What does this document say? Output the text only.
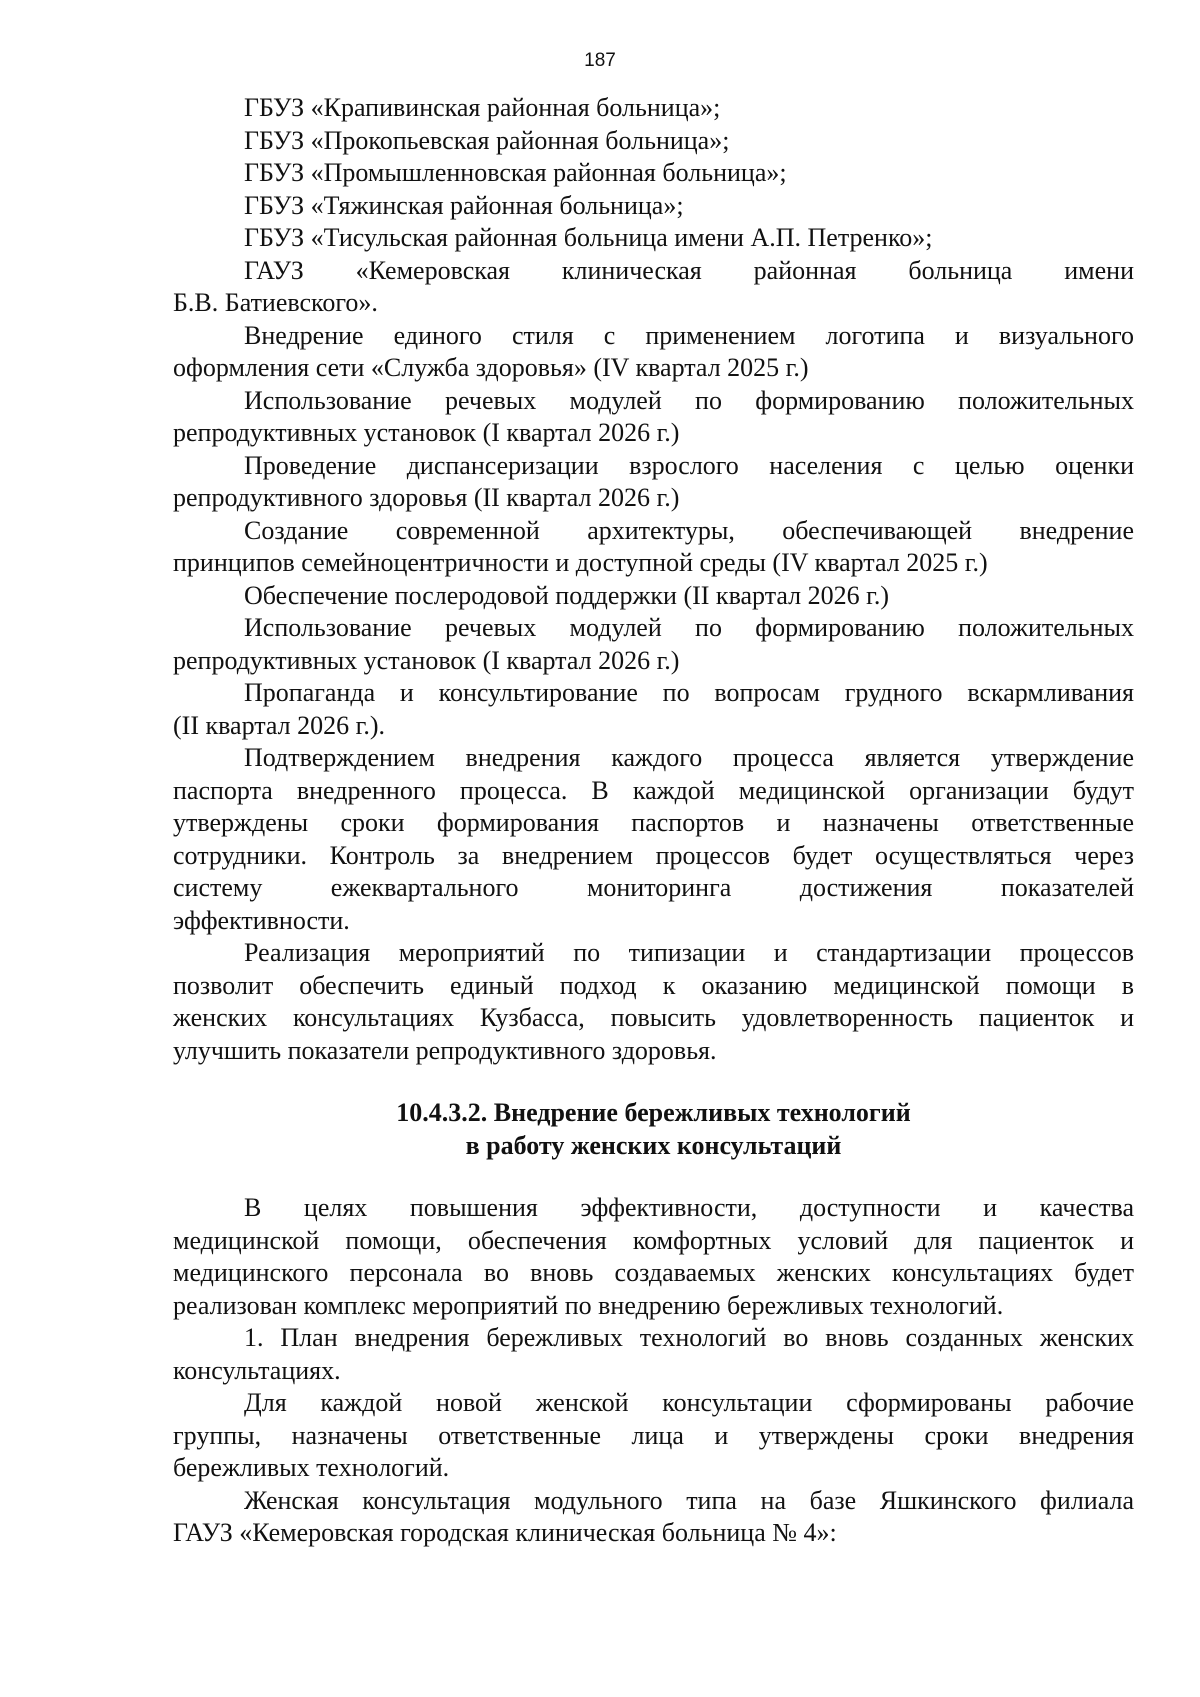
187
ГБУЗ «Крапивинская районная больница»;
ГБУЗ «Прокопьевская районная больница»;
ГБУЗ «Промышленновская районная больница»;
ГБУЗ «Тяжинская районная больница»;
ГБУЗ «Тисульская районная больница имени А.П. Петренко»;
ГАУЗ «Кемеровская клиническая районная больница имени
Б.В. Батиевского».
Внедрение единого стиля с применением логотипа и визуального
оформления сети «Служба здоровья» (IV квартал 2025 г.)
Использование речевых модулей по формированию положительных
репродуктивных установок (I квартал 2026 г.)
Проведение диспансеризации взрослого населения с целью оценки
репродуктивного здоровья (II квартал 2026 г.)
Создание современной архитектуры, обеспечивающей внедрение
принципов семейноцентричности и доступной среды (IV квартал 2025 г.)
Обеспечение послеродовой поддержки (II квартал 2026 г.)
Использование речевых модулей по формированию положительных
репродуктивных установок (I квартал 2026 г.)
Пропаганда и консультирование по вопросам грудного вскармливания
(II квартал 2026 г.).
Подтверждением внедрения каждого процесса является утверждение
паспорта внедренного процесса. В каждой медицинской организации будут
утверждены сроки формирования паспортов и назначены ответственные
сотрудники. Контроль за внедрением процессов будет осуществляться через
системy ежеквартального мониторинга достижения показателей
эффективности.
Реализация мероприятий по типизации и стандартизации процессов
позволит обеспечить единый подход к оказанию медицинской помощи в
женских консультациях Кузбасса, повысить удовлетворенность пациенток и
улучшить показатели репродуктивного здоровья.
10.4.3.2. Внедрение бережливых технологий
в работу женских консультаций
В целях повышения эффективности, доступности и качества
медицинской помощи, обеспечения комфортных условий для пациенток и
медицинского персонала во вновь создаваемых женских консультациях будет
реализован комплекс мероприятий по внедрению бережливых технологий.
1. План внедрения бережливых технологий во вновь созданных женских
консультациях.
Для каждой новой женской консультации сформированы рабочие
группы, назначены ответственные лица и утверждены сроки внедрения
бережливых технологий.
Женская консультация модульного типа на базе Яшкинского филиала
ГАУЗ «Кемеровская городская клиническая больница № 4»:
